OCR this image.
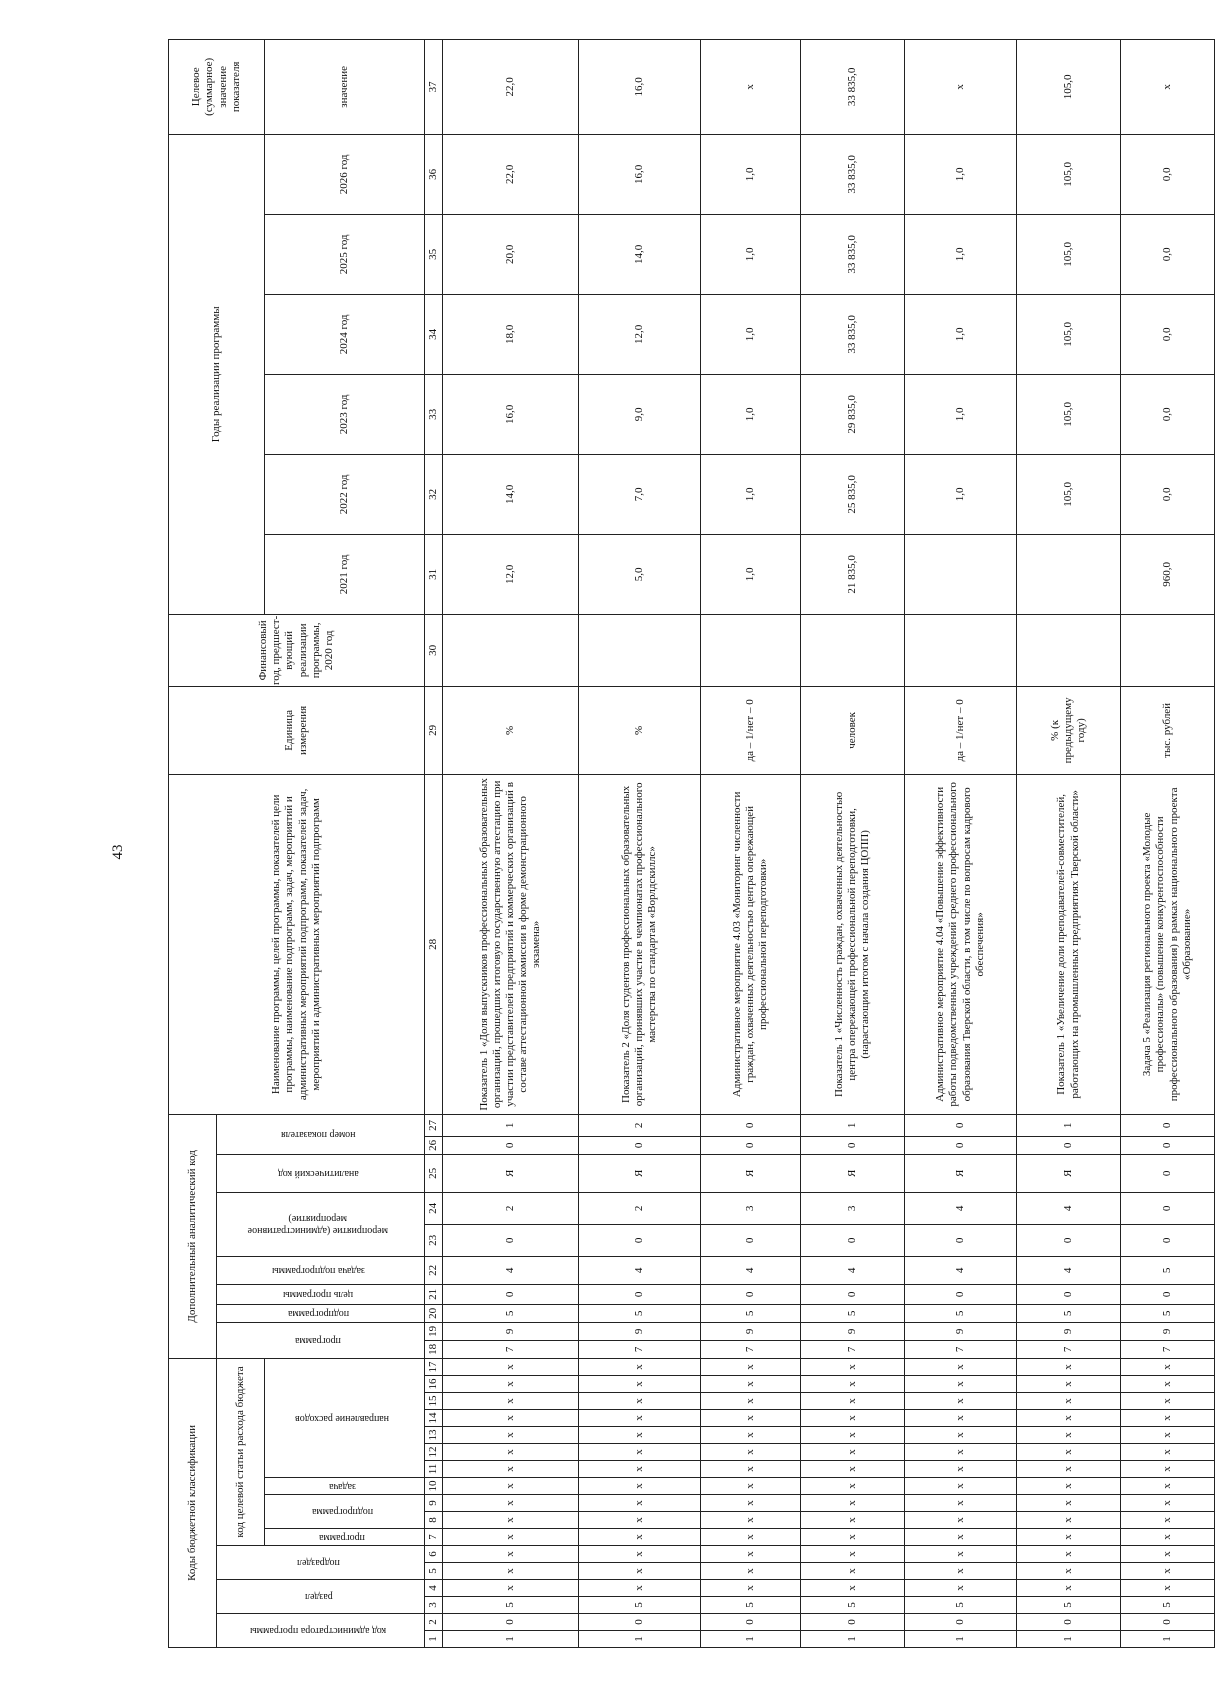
43
Коды бюджетной классификации																	Дополнительный аналитический код										Наименование программы, целей программы, показателей цели программы, наименование подпрограмм, задач, мероприятий и административных мероприятий подпрограмм, показателей задач, мероприятий и административных мероприятий подпрограмм	Единица измерения	Финансовый год, предшест-вующий реализации программы, 2020 год	Годы реализации программы						Целевое (суммарное) значение показателя
код администратора программы		раздел		подраздел		код целевой статьи расхода бюджета											программа		подпрограмма	цель программы	задача подпрограммы	мероприятие (административное мероприятие)		аналитический код	номер показателя											
						программа	подпрограмма		задача	направление расходов																				2021 год	2022 год	2023 год	2024 год	2025 год	2026 год	значение
1	2	3	4	5	6	7	8	9	10	11	12	13	14	15	16	17	18	19	20	21	22	23	24	25	26	27	28	29	30	31	32	33	34	35	36	37
1	0	5	x	x	x	x	x	x	x	x	x	x	x	x	x	x	7	9	5	0	4	0	2	Я	0	1	Показатель 1 «Доля выпускников профессиональных образовательных организаций, прошедших итоговую государственную аттестацию при участии представителей предприятий и коммерческих организаций в составе аттестационной комиссии в форме демонстрационного экзамена»	%		12,0	14,0	16,0	18,0	20,0	22,0	22,0
1	0	5	x	x	x	x	x	x	x	x	x	x	x	x	x	x	7	9	5	0	4	0	2	Я	0	2	Показатель 2 «Доля студентов профессиональных образовательных организаций, принявших участие в чемпионатах профессионального мастерства по стандартам «Ворлдскиллс»	%		5,0	7,0	9,0	12,0	14,0	16,0	16,0
1	0	5	x	x	x	x	x	x	x	x	x	x	x	x	x	x	7	9	5	0	4	0	3	Я	0	0	Административное мероприятие 4.03 «Мониторинг численности граждан, охваченных деятельностью центра опережающей профессиональной переподготовки»	да – 1/нет – 0		1,0	1,0	1,0	1,0	1,0	1,0	x
1	0	5	x	x	x	x	x	x	x	x	x	x	x	x	x	x	7	9	5	0	4	0	3	Я	0	1	Показатель 1 «Численность граждан, охваченных деятельностью центра опережающей профессиональной переподготовки, (нарастающим итогом с начала создания ЦОПП)	человек		21 835,0	25 835,0	29 835,0	33 835,0	33 835,0	33 835,0	33 835,0
1	0	5	x	x	x	x	x	x	x	x	x	x	x	x	x	x	7	9	5	0	4	0	4	Я	0	0	Административное мероприятие 4.04 «Повышение эффективности работы подведомственных учреждений среднего профессионального образования Тверской области, в том числе по вопросам кадрового обеспечения»	да – 1/нет – 0			1,0	1,0	1,0	1,0	1,0	x
1	0	5	x	x	x	x	x	x	x	x	x	x	x	x	x	x	7	9	5	0	4	0	4	Я	0	1	Показатель 1 «Увеличение доли преподавателей-совместителей, работающих на промышленных предприятиях Тверской области»	% (к предыдущему году)			105,0	105,0	105,0	105,0	105,0	105,0
1	0	5	x	x	x	x	x	x	x	x	x	x	x	x	x	x	7	9	5	0	5	0	0	0	0	0	Задача 5 «Реализация регионального проекта «Молодые профессионалы» (повышение конкурентоспособности профессионального образования) в рамках национального проекта «Образование»	тыс. рублей		960,0	0,0	0,0	0,0	0,0	0,0	x
